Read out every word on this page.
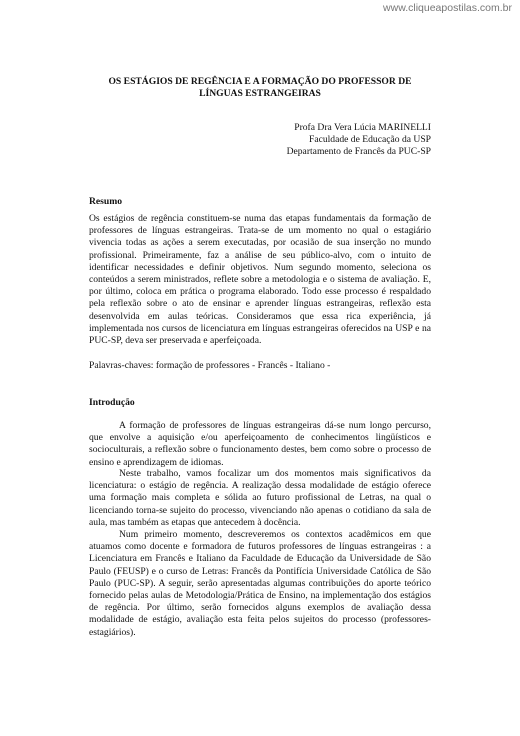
www.cliqueapostilas.com.br
OS ESTÁGIOS DE REGÊNCIA E A FORMAÇÃO DO PROFESSOR DE LÍNGUAS ESTRANGEIRAS
Profa Dra Vera Lúcia MARINELLI
Faculdade de Educação da USP
Departamento de Francês da PUC-SP
Resumo

Os estágios de regência constituem-se numa das etapas fundamentais da formação de professores de línguas estrangeiras. Trata-se de um momento no qual o estagiário vivencia todas as ações a serem executadas, por ocasião de sua inserção no mundo profissional. Primeiramente, faz a análise de seu público-alvo, com o intuito de identificar necessidades e definir objetivos. Num segundo momento, seleciona os conteúdos a serem ministrados, reflete sobre a metodologia e o sistema de avaliação. E, por último, coloca em prática o programa elaborado. Todo esse processo é respaldado pela reflexão sobre o ato de ensinar e aprender línguas estrangeiras, reflexão esta desenvolvida em aulas teóricas. Consideramos que essa rica experiência, já implementada nos cursos de licenciatura em línguas estrangeiras oferecidos na USP e na PUC-SP, deva ser preservada e aperfeiçoada.

Palavras-chaves: formação de professores - Francês - Italiano -

Introdução

A formação de professores de línguas estrangeiras dá-se num longo percurso, que envolve a aquisição e/ou aperfeiçoamento de conhecimentos lingüísticos e socioculturais, a reflexão sobre o funcionamento destes, bem como sobre o processo de ensino e aprendizagem de idiomas.

Neste trabalho, vamos focalizar um dos momentos mais significativos da licenciatura: o estágio de regência. A realização dessa modalidade de estágio oferece uma formação mais completa e sólida ao futuro profissional de Letras, na qual o licenciando torna-se sujeito do processo, vivenciando não apenas o cotidiano da sala de aula, mas também as etapas que antecedem à docência.

Num primeiro momento, descreveremos os contextos acadêmicos em que atuamos como docente e formadora de futuros professores de línguas estrangeiras : a Licenciatura em Francês e Italiano da Faculdade de Educação da Universidade de São Paulo (FEUSP) e o curso de Letras: Francês da Pontifícia Universidade Católica de São Paulo (PUC-SP). A seguir, serão apresentadas algumas contribuições do aporte teórico fornecido pelas aulas de Metodologia/Prática de Ensino, na implementação dos estágios de regência. Por último, serão fornecidos alguns exemplos de avaliação dessa modalidade de estágio, avaliação esta feita pelos sujeitos do processo (professores-estagiários).
